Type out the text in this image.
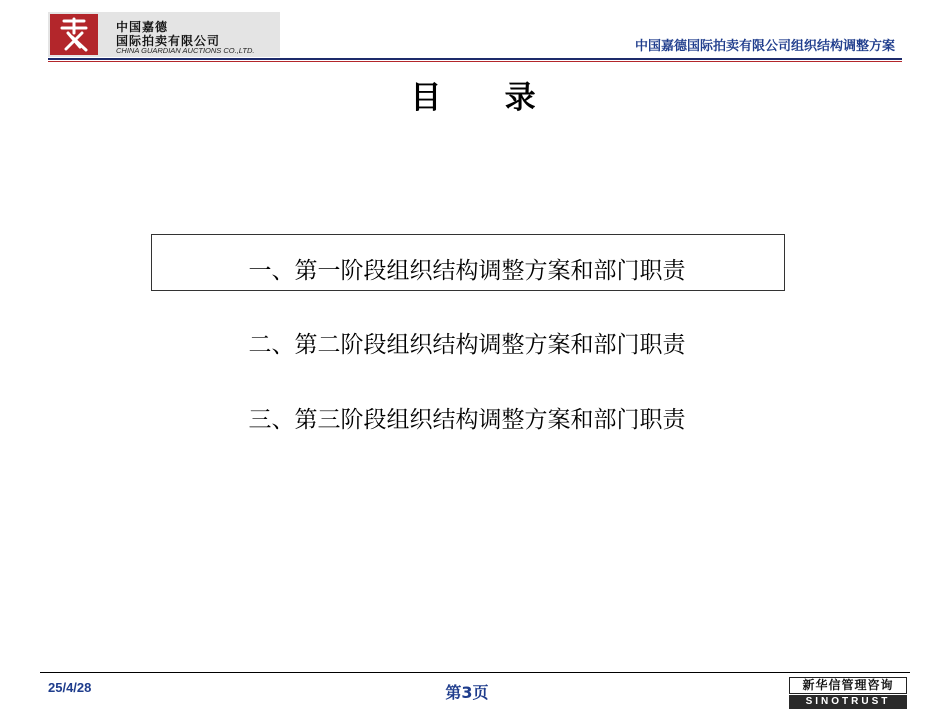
中国嘉德
国际拍卖有限公司
CHINA GUARDIAN AUCTIONS CO.,LTD.	中国嘉德国际拍卖有限公司组织结构调整方案
目    录
一、第一阶段组织结构调整方案和部门职责
二、第二阶段组织结构调整方案和部门职责
三、第三阶段组织结构调整方案和部门职责
25/4/28	第3页	新华信管理咨询
SINOTRUST
